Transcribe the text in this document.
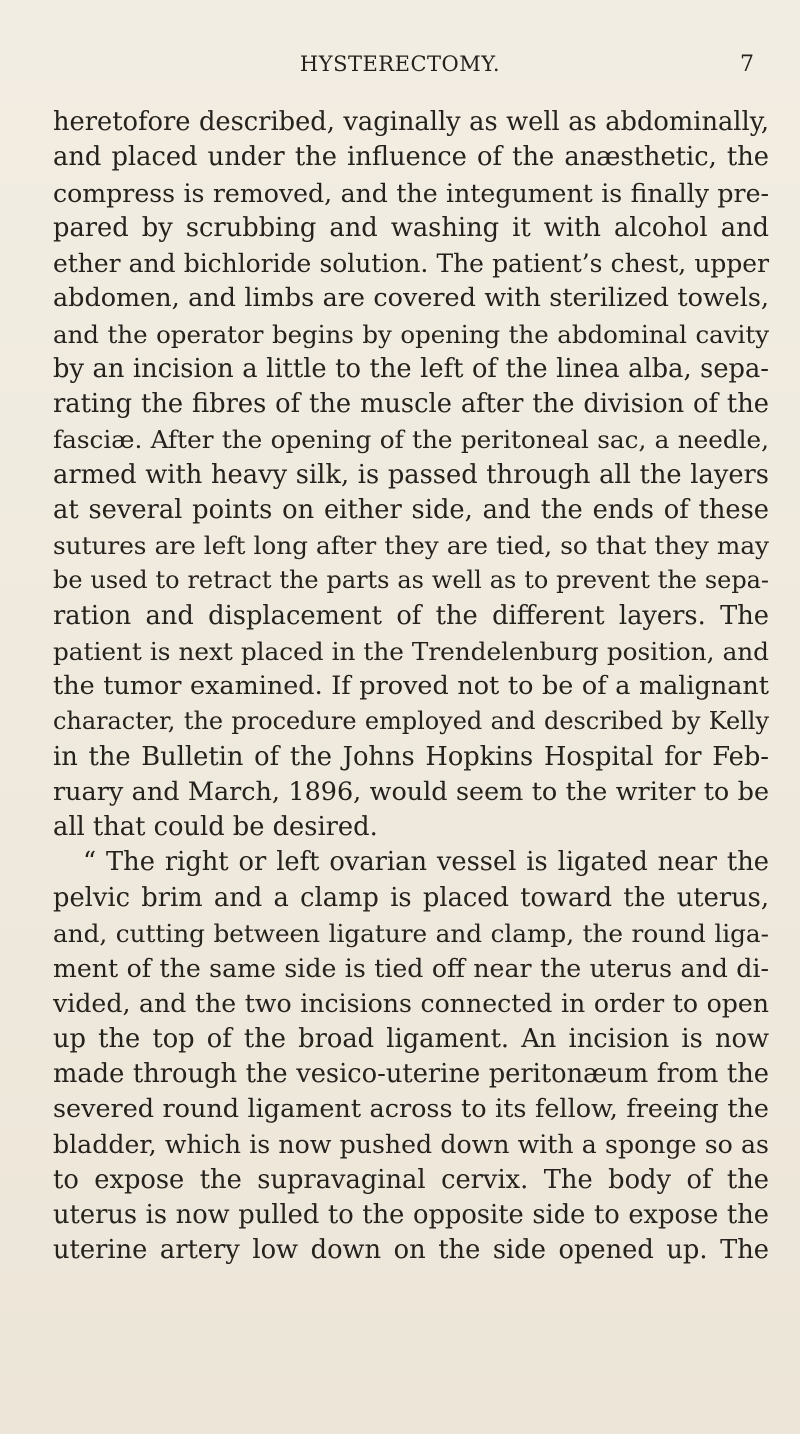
HYSTERECTOMY.	7
heretofore described, vaginally as well as abdominally,
and placed under the influence of the anæsthetic, the
compress is removed, and the integument is finally pre-
pared by scrubbing and washing it with alcohol and
ether and bichloride solution. The patient’s chest, upper
abdomen, and limbs are covered with sterilized towels,
and the operator begins by opening the abdominal cavity
by an incision a little to the left of the linea alba, sepa-
rating the fibres of the muscle after the division of the
fasciæ. After the opening of the peritoneal sac, a needle,
armed with heavy silk, is passed through all the layers
at several points on either side, and the ends of these
sutures are left long after they are tied, so that they may
be used to retract the parts as well as to prevent the sepa-
ration and displacement of the different layers. The
patient is next placed in the Trendelenburg position, and
the tumor examined. If proved not to be of a malignant
character, the procedure employed and described by Kelly
in the Bulletin of the Johns Hopkins Hospital for Feb-
ruary and March, 1896, would seem to the writer to be
all that could be desired.
“ The right or left ovarian vessel is ligated near the
pelvic brim and a clamp is placed toward the uterus,
and, cutting between ligature and clamp, the round liga-
ment of the same side is tied off near the uterus and di-
vided, and the two incisions connected in order to open
up the top of the broad ligament. An incision is now
made through the vesico-uterine peritonæum from the
severed round ligament across to its fellow, freeing the
bladder, which is now pushed down with a sponge so as
to expose the supravaginal cervix. The body of the
uterus is now pulled to the opposite side to expose the
uterine artery low down on the side opened up. The
